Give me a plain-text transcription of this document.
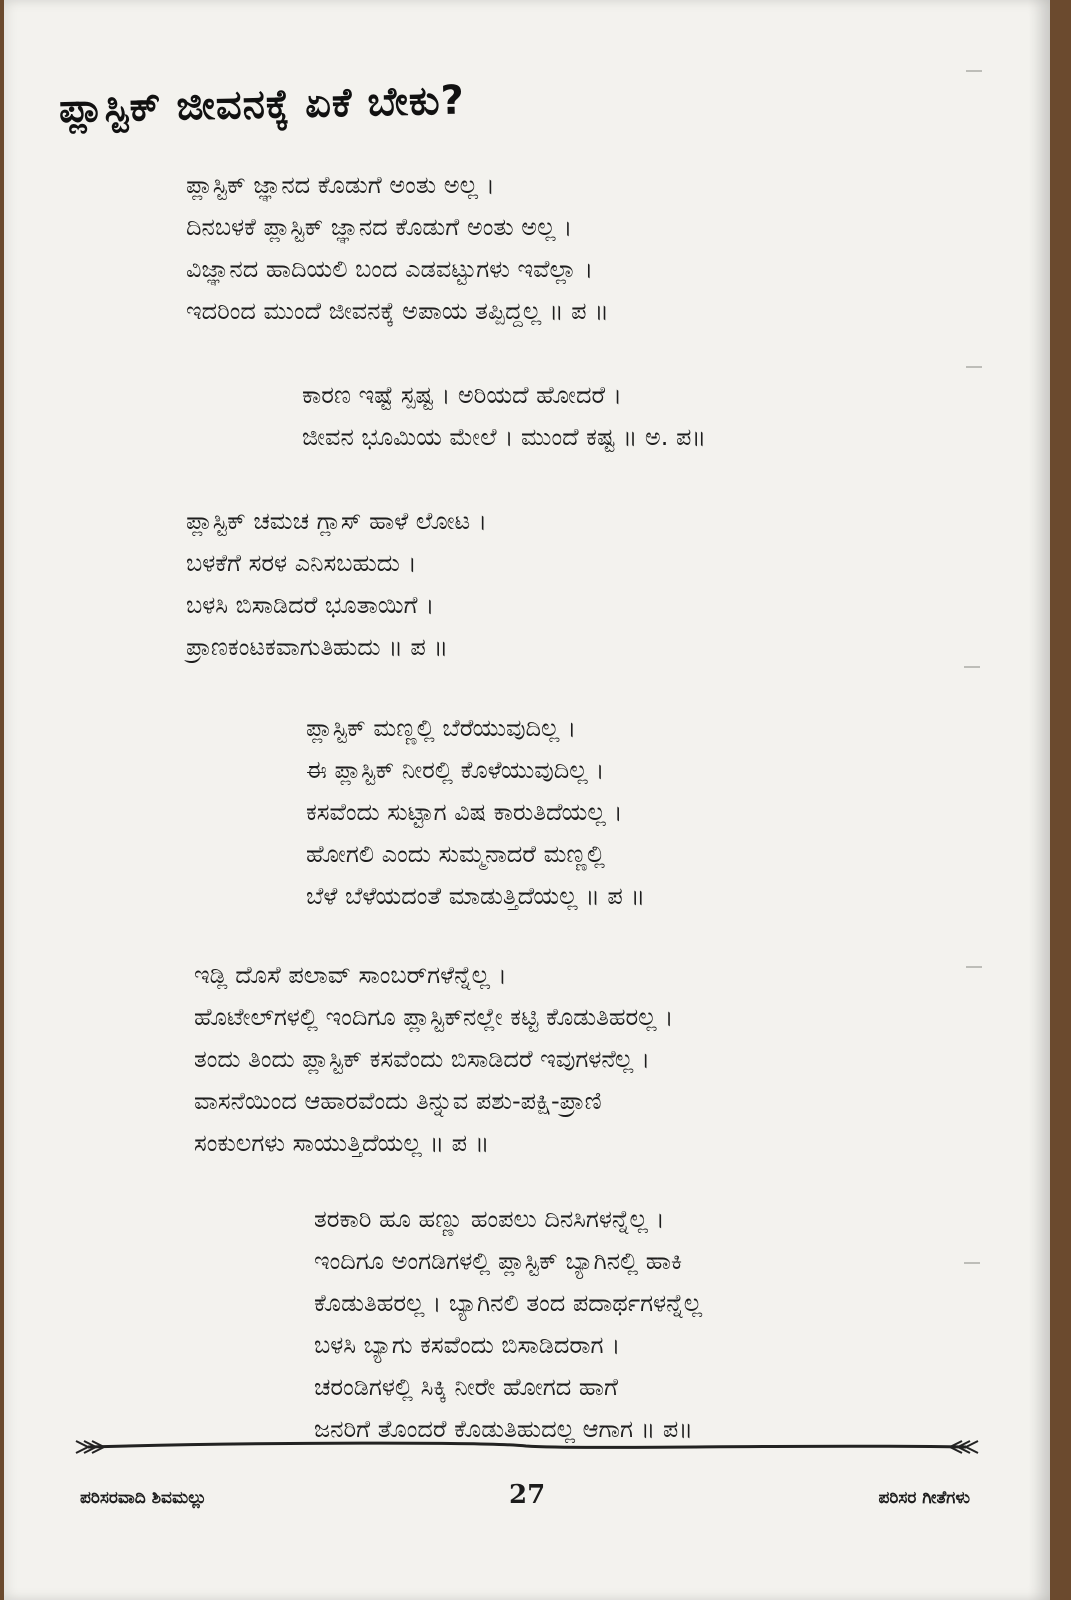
ಪ್ಲಾಸ್ಟಿಕ್ ಜೀವನಕ್ಕೆ ಏಕೆ ಬೇಕು?
ಪ್ಲಾಸ್ಟಿಕ್ ಜ್ಞಾನದ ಕೊಡುಗೆ ಅಂತು ಅಲ್ಲ ।
ದಿನಬಳಕೆ ಪ್ಲಾಸ್ಟಿಕ್ ಜ್ಞಾನದ ಕೊಡುಗೆ ಅಂತು ಅಲ್ಲ ।
ವಿಜ್ಞಾನದ ಹಾದಿಯಲಿ ಬಂದ ಎಡವಟ್ಟುಗಳು ಇವೆಲ್ಲಾ ।
ಇದರಿಂದ ಮುಂದೆ ಜೀವನಕ್ಕೆ ಅಪಾಯ ತಪ್ಪಿದ್ದಲ್ಲ ॥ ಪ ॥
ಕಾರಣ ಇಷ್ಟೆ ಸ್ಪಷ್ಟ । ಅರಿಯದೆ ಹೋದರೆ ।
ಜೀವನ ಭೂಮಿಯ ಮೇಲೆ । ಮುಂದೆ ಕಷ್ಟ ॥ ಅ. ಪ॥
ಪ್ಲಾಸ್ಟಿಕ್ ಚಮಚ ಗ್ಲಾಸ್ ಹಾಳೆ ಲೋಟ ।
ಬಳಕೆಗೆ ಸರಳ ಎನಿಸಬಹುದು ।
ಬಳಸಿ ಬಿಸಾಡಿದರೆ ಭೂತಾಯಿಗೆ ।
ಪ್ರಾಣಕಂಟಕವಾಗುತಿಹುದು ॥ ಪ ॥
ಪ್ಲಾಸ್ಟಿಕ್ ಮಣ್ಣಲ್ಲಿ ಬೆರೆಯುವುದಿಲ್ಲ ।
ಈ ಪ್ಲಾಸ್ಟಿಕ್ ನೀರಲ್ಲಿ ಕೊಳೆಯುವುದಿಲ್ಲ ।
ಕಸವೆಂದು ಸುಟ್ಟಾಗ ವಿಷ ಕಾರುತಿದೆಯಲ್ಲ ।
ಹೋಗಲಿ ಎಂದು ಸುಮ್ಮನಾದರೆ ಮಣ್ಣಲ್ಲಿ
ಬೆಳೆ ಬೆಳೆಯದಂತೆ ಮಾಡುತ್ತಿದೆಯಲ್ಲ ॥ ಪ ॥
ಇಡ್ಲಿ ದೊಸೆ ಪಲಾವ್ ಸಾಂಬರ್‌ಗಳೆನ್ನೆಲ್ಲ ।
ಹೊಟೇಲ್‌ಗಳಲ್ಲಿ ಇಂದಿಗೂ ಪ್ಲಾಸ್ಟಿಕ್‌ನಲ್ಲೇ ಕಟ್ಟಿ ಕೊಡುತಿಹರಲ್ಲ ।
ತಂದು ತಿಂದು ಪ್ಲಾಸ್ಟಿಕ್ ಕಸವೆಂದು ಬಿಸಾಡಿದರೆ ಇವುಗಳನೆಲ್ಲ ।
ವಾಸನೆಯಿಂದ ಆಹಾರವೆಂದು ತಿನ್ನುವ ಪಶು-ಪಕ್ಷಿ-ಪ್ರಾಣಿ
ಸಂಕುಲಗಳು ಸಾಯುತ್ತಿದೆಯಲ್ಲ ॥ ಪ ॥
ತರಕಾರಿ ಹೂ ಹಣ್ಣು ಹಂಪಲು ದಿನಸಿಗಳನ್ನೆಲ್ಲ ।
ಇಂದಿಗೂ ಅಂಗಡಿಗಳಲ್ಲಿ ಪ್ಲಾಸ್ಟಿಕ್ ಬ್ಯಾಗಿನಲ್ಲಿ ಹಾಕಿ
ಕೊಡುತಿಹರಲ್ಲ । ಬ್ಯಾಗಿನಲಿ ತಂದ ಪದಾರ್ಥಗಳನ್ನೆಲ್ಲ
ಬಳಸಿ ಬ್ಯಾಗು ಕಸವೆಂದು ಬಿಸಾಡಿದರಾಗ ।
ಚರಂಡಿಗಳಲ್ಲಿ ಸಿಕ್ಕಿ ನೀರೇ ಹೋಗದ ಹಾಗೆ
ಜನರಿಗೆ ತೊಂದರೆ ಕೊಡುತಿಹುದಲ್ಲ ಆಗಾಗ ॥ ಪ॥
ಪರಿಸರವಾದಿ ಶಿವಮಲ್ಲು	27	ಪರಿಸರ ಗೀತೆಗಳು
